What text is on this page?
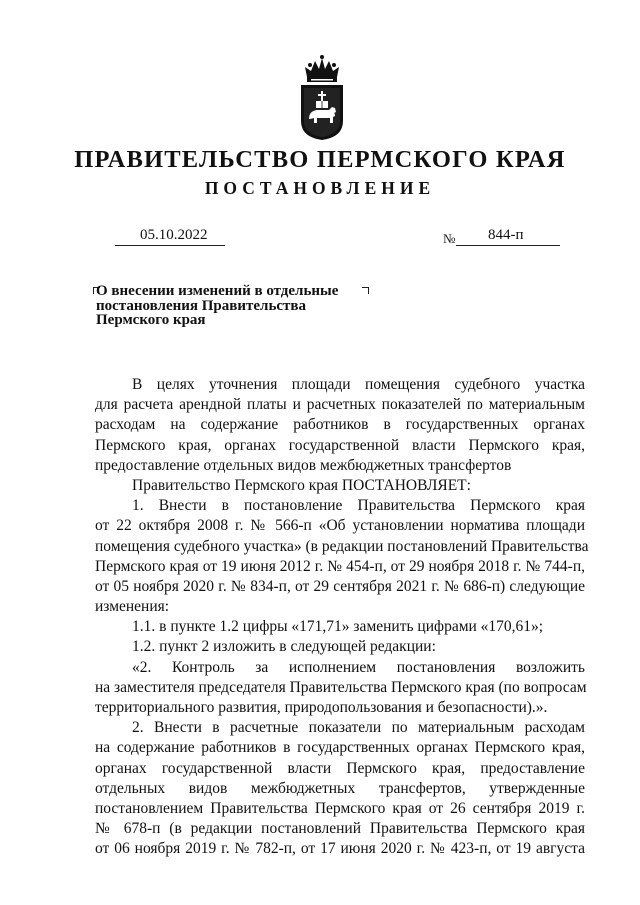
ПРАВИТЕЛЬСТВО ПЕРМСКОГО КРАЯ
ПОСТАНОВЛЕНИЕ
05.10.2022	№ 844-п
О внесении изменений в отдельные
постановления Правительства
Пермского края
В целях уточнения площади помещения судебного участка
для расчета арендной платы и расчетных показателей по материальным
расходам на содержание работников в государственных органах
Пермского края, органах государственной власти Пермского края,
предоставление отдельных видов межбюджетных трансфертов
Правительство Пермского края ПОСТАНОВЛЯЕТ:
1. Внести в постановление Правительства Пермского края
от 22 октября 2008 г. № 566-п «Об установлении норматива площади
помещения судебного участка» (в редакции постановлений Правительства
Пермского края от 19 июня 2012 г. № 454-п, от 29 ноября 2018 г. № 744-п,
от 05 ноября 2020 г. № 834-п, от 29 сентября 2021 г. № 686-п) следующие
изменения:
1.1. в пункте 1.2 цифры «171,71» заменить цифрами «170,61»;
1.2. пункт 2 изложить в следующей редакции:
«2. Контроль за исполнением постановления возложить
на заместителя председателя Правительства Пермского края (по вопросам
территориального развития, природопользования и безопасности).».
2. Внести в расчетные показатели по материальным расходам
на содержание работников в государственных органах Пермского края,
органах государственной власти Пермского края, предоставление
отдельных видов межбюджетных трансфертов, утвержденные
постановлением Правительства Пермского края от 26 сентября 2019 г.
№ 678-п (в редакции постановлений Правительства Пермского края
от 06 ноября 2019 г. № 782-п, от 17 июня 2020 г. № 423-п, от 19 августа
